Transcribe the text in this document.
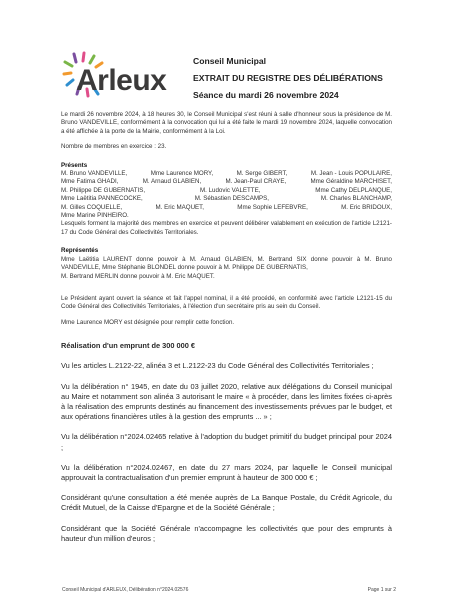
Arleux
Conseil Municipal
EXTRAIT DU REGISTRE DES DÉLIBÉRATIONS
Séance du mardi 26 novembre 2024

Le mardi 26 novembre 2024, à 18 heures 30, le Conseil Municipal s'est réuni à salle d'honneur sous la présidence de M. Bruno VANDEVILLE, conformément à la convocation qui lui a été faite le mardi 19 novembre 2024, laquelle convocation a été affichée à la porte de la Mairie, conformément à la Loi.

Nombre de membres en exercice : 23.

Présents

M. Bruno VANDEVILLE,	Mme Laurence MORY,	M. Serge GIBERT,	M. Jean - Louis POPULAIRE,
Mme Fatima GHADI,	M. Arnaud GLABIEN,	M. Jean-Paul CRAYE,	Mme Géraldine MARCHISET,
M. Philippe DE GUBERNATIS,	M. Ludovic VALETTE,	Mme Cathy DELPLANQUE,
Mme Laëtitia PANNECOCKE,	M. Sébastien DESCAMPS,	M. Charles BLANCHAMP,
M. Gilles COQUELLE,	M. Eric MAQUET,	Mme Sophie LEFEBVRE,	M. Eric BRIDOUX,
Mme Marine PINHEIRO.

Lesquels forment la majorité des membres en exercice et peuvent délibérer valablement en exécution de l'article L2121-17 du Code Général des Collectivités Territoriales.

Représentés

Mme Laëtitia LAURENT donne pouvoir à M. Arnaud GLABIEN, M. Bertrand SIX donne pouvoir à M. Bruno VANDEVILLE, Mme Stéphanie BLONDEL donne pouvoir à M. Philippe DE GUBERNATIS,

M. Bertrand MERLIN donne pouvoir à M. Eric MAQUET.

Le Président ayant ouvert la séance et fait l'appel nominal, il a été procédé, en conformité avec l'article L2121-15 du Code Général des Collectivités Territoriales, à l'élection d'un secrétaire pris au sein du Conseil.

Mme Laurence MORY est désignée pour remplir cette fonction.

Réalisation d'un emprunt de 300 000 €

Vu les articles L.2122-22, alinéa 3 et L.2122-23 du Code Général des Collectivités Territoriales ;

Vu la délibération n° 1945, en date du 03 juillet 2020, relative aux délégations du Conseil municipal au Maire et notamment son alinéa 3 autorisant le maire « à procéder, dans les limites fixées ci-après à la réalisation des emprunts destinés au financement des investissements prévues par le budget, et aux opérations financières utiles à la gestion des emprunts ... » ;

Vu la délibération n°2024.02465 relative à l'adoption du budget primitif du budget principal pour 2024 ;

Vu la délibération n°2024.02467, en date du 27 mars 2024, par laquelle le Conseil municipal approuvait la contractualisation d'un premier emprunt à hauteur de 300 000 € ;

Considérant qu'une consultation a été menée auprès de La Banque Postale, du Crédit Agricole, du Crédit Mutuel, de la Caisse d'Epargne et de la Société Générale ;

Considérant que la Société Générale n'accompagne les collectivités que pour des emprunts à hauteur d'un million d'euros ;

Conseil Municipal d'ARLEUX, Délibération n°2024.02576	Page 1 sur 2
